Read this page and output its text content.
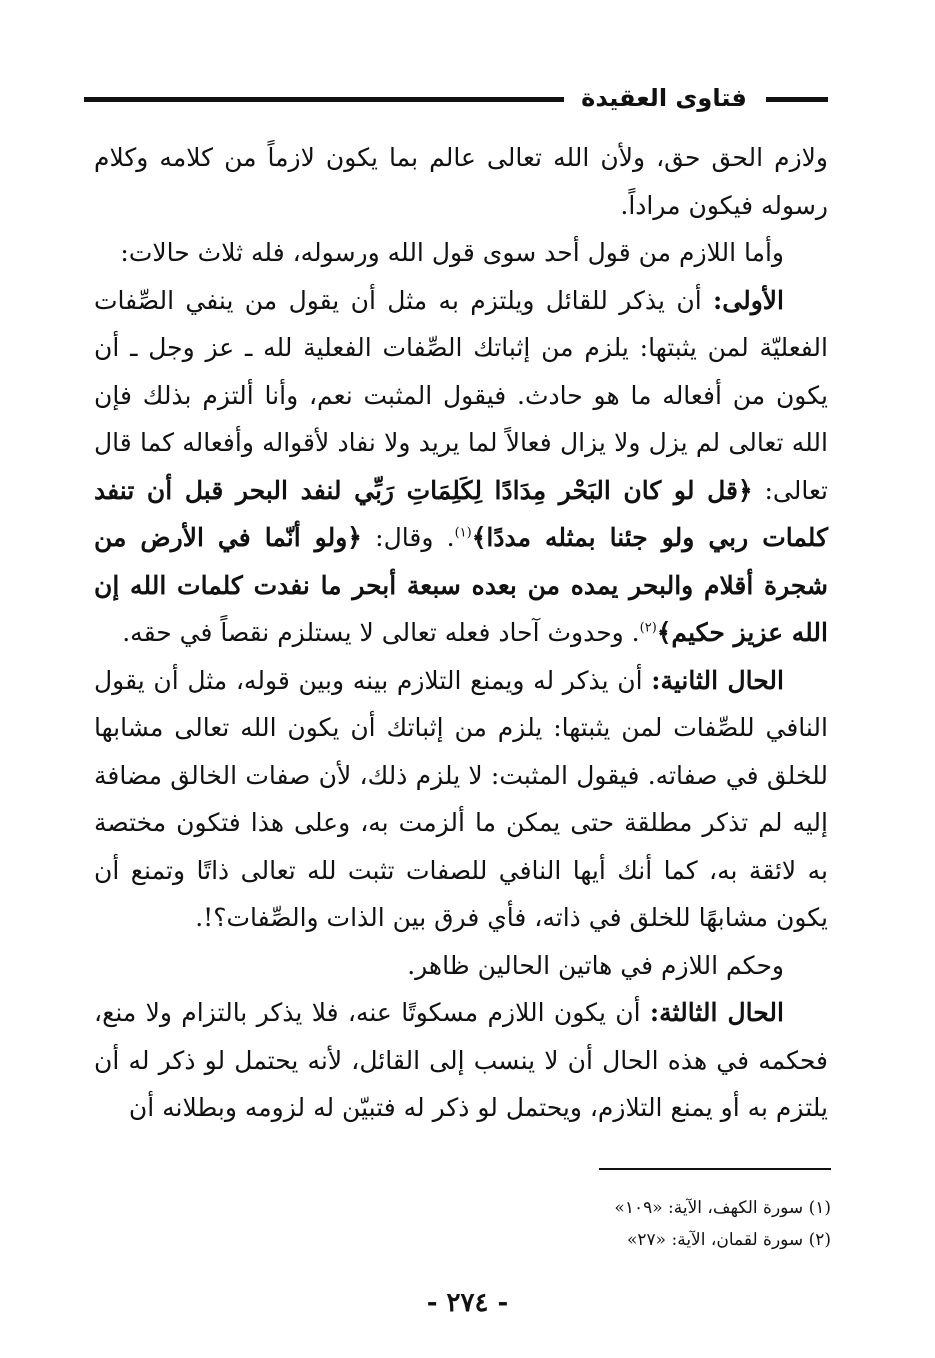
فتاوى العقيدة

ولازم الحق حق، ولأن الله تعالى عالم بما يكون لازماً من كلامه وكلام رسوله فيكون مراداً.

وأما اللازم من قول أحد سوى قول الله ورسوله، فله ثلاث حالات:

الأولى: أن يذكر للقائل ويلتزم به مثل أن يقول من ينفي الصِّفات الفعليّة لمن يثبتها: يلزم من إثباتك الصِّفات الفعلية لله ـ عز وجل ـ أن يكون من أفعاله ما هو حادث. فيقول المثبت نعم، وأنا ألتزم بذلك فإن الله تعالى لم يزل ولا يزال فعالاً لما يريد ولا نفاد لأقواله وأفعاله كما قال تعالى: ﴿قل لو كان البَحْر مِدَادًا لِكَلِمَاتِ رَبِّي لنفد البحر قبل أن تنفد كلمات ربي ولو جئنا بمثله مددًا﴾$^{(١)}$. وقال: ﴿ولو أنّما في الأرض من شجرة أقلام والبحر يمده من بعده سبعة أبحر ما نفدت كلمات الله إن الله عزيز حكيم﴾$^{(٢)}$. وحدوث آحاد فعله تعالى لا يستلزم نقصاً في حقه.

الحال الثانية: أن يذكر له ويمنع التلازم بينه وبين قوله، مثل أن يقول النافي للصِّفات لمن يثبتها: يلزم من إثباتك أن يكون الله تعالى مشابها للخلق في صفاته. فيقول المثبت: لا يلزم ذلك، لأن صفات الخالق مضافة إليه لم تذكر مطلقة حتى يمكن ما ألزمت به، وعلى هذا فتكون مختصة به لائقة به، كما أنك أيها النافي للصفات تثبت لله تعالى ذاتًا وتمنع أن يكون مشابهًا للخلق في ذاته، فأي فرق بين الذات والصِّفات؟!.

وحكم اللازم في هاتين الحالين ظاهر.

الحال الثالثة: أن يكون اللازم مسكوتًا عنه، فلا يذكر بالتزام ولا منع، فحكمه في هذه الحال أن لا ينسب إلى القائل، لأنه يحتمل لو ذكر له أن يلتزم به أو يمنع التلازم، ويحتمل لو ذكر له فتبيّن له لزومه وبطلانه أن

(١) سورة الكهف، الآية: «١٠٩»
(٢) سورة لقمان، الآية: «٢٧»
- ٢٧٤ -
